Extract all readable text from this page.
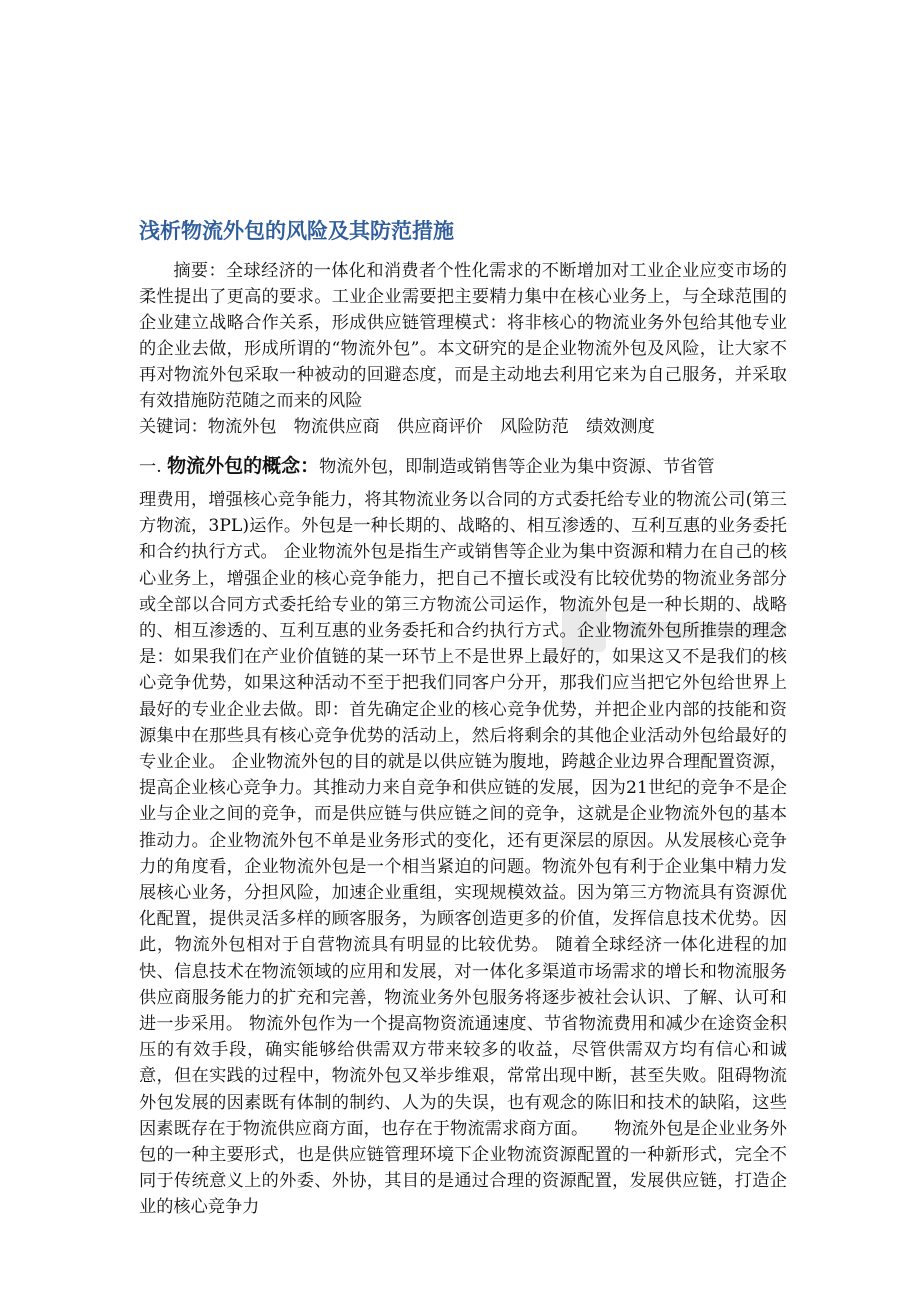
浅析物流外包的风险及其防范措施

摘要：全球经济的一体化和消费者个性化需求的不断增加对工业企业应变市场的柔性提出了更高的要求。工业企业需要把主要精力集中在核心业务上，与全球范围的企业建立战略合作关系，形成供应链管理模式：将非核心的物流业务外包给其他专业的企业去做，形成所谓的“物流外包”。本文研究的是企业物流外包及风险，让大家不再对物流外包采取一种被动的回避态度，而是主动地去利用它来为自己服务，并采取有效措施防范随之而来的风险

关键词：物流外包　 物流供应商　 供应商评价　 风险防范　 绩效测度

一. 物流外包的概念：物流外包，即制造或销售等企业为集中资源、节省管

理费用，增强核心竞争能力，将其物流业务以合同的方式委托给专业的物流公司(第三方物流，3PL)运作。外包是一种长期的、战略的、相互渗透的、互利互惠的业务委托和合约执行方式。 企业物流外包是指生产或销售等企业为集中资源和精力在自己的核心业务上，增强企业的核心竞争能力，把自己不擅长或没有比较优势的物流业务部分或全部以合同方式委托给专业的第三方物流公司运作，物流外包是一种长期的、战略的、相互渗透的、互利互惠的业务委托和合约执行方式。企业物流外包所推崇的理念是：如果我们在产业价值链的某一环节上不是世界上最好的，如果这又不是我们的核心竞争优势，如果这种活动不至于把我们同客户分开，那我们应当把它外包给世界上最好的专业企业去做。即：首先确定企业的核心竞争优势，并把企业内部的技能和资源集中在那些具有核心竞争优势的活动上，然后将剩余的其他企业活动外包给最好的专业企业。 企业物流外包的目的就是以供应链为腹地，跨越企业边界合理配置资源，提高企业核心竞争力。其推动力来自竞争和供应链的发展，因为21世纪的竞争不是企业与企业之间的竞争，而是供应链与供应链之间的竞争，这就是企业物流外包的基本推动力。企业物流外包不单是业务形式的变化，还有更深层的原因。从发展核心竞争力的角度看，企业物流外包是一个相当紧迫的问题。物流外包有利于企业集中精力发展核心业务，分担风险，加速企业重组，实现规模效益。因为第三方物流具有资源优化配置，提供灵活多样的顾客服务，为顾客创造更多的价值，发挥信息技术优势。因此，物流外包相对于自营物流具有明显的比较优势。 随着全球经济一体化进程的加快、信息技术在物流领域的应用和发展，对一体化多渠道市场需求的增长和物流服务供应商服务能力的扩充和完善，物流业务外包服务将逐步被社会认识、了解、认可和进一步采用。 物流外包作为一个提高物资流通速度、节省物流费用和减少在途资金积压的有效手段，确实能够给供需双方带来较多的收益，尽管供需双方均有信心和诚意，但在实践的过程中，物流外包又举步维艰，常常出现中断，甚至失败。阻碍物流外包发展的因素既有体制的制约、人为的失误，也有观念的陈旧和技术的缺陷，这些因素既存在于物流供应商方面，也存在于物流需求商方面。　　物流外包是企业业务外包的一种主要形式，也是供应链管理环境下企业物流资源配置的一种新形式，完全不同于传统意义上的外委、外协，其目的是通过合理的资源配置，发展供应链，打造企业的核心竞争力
